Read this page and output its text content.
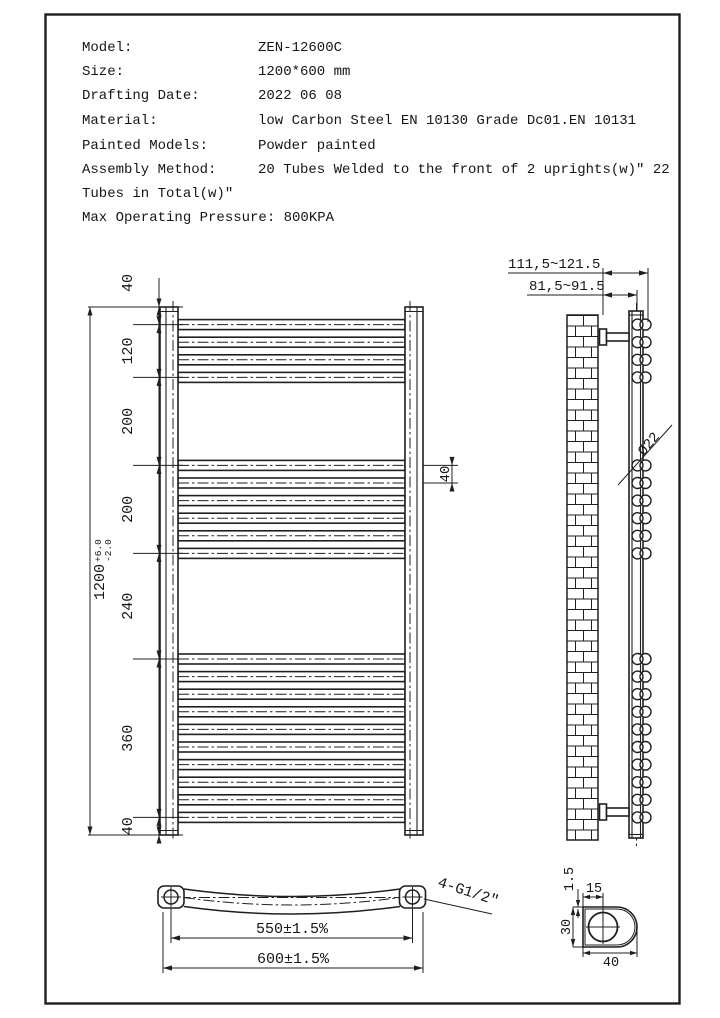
Model:	ZEN-12600C
Size:	1200*600 mm
Drafting Date:	2022 06 08
Material:	low Carbon Steel EN 10130 Grade Dc01.EN 10131
Painted Models:	Powder painted
Assembly Method:	20 Tubes Welded to the front of 2 uprights(w)" 22
Tubes in Total(w)"
Max Operating Pressure: 800KPA
1200
+6.0 -2.0
40
40
120
200
200
240
360
40
111,5~121.5
81,5~91.5
Ø22
4-G1/2"
550±1.5%
600±1.5%
15
1.5
30
40
